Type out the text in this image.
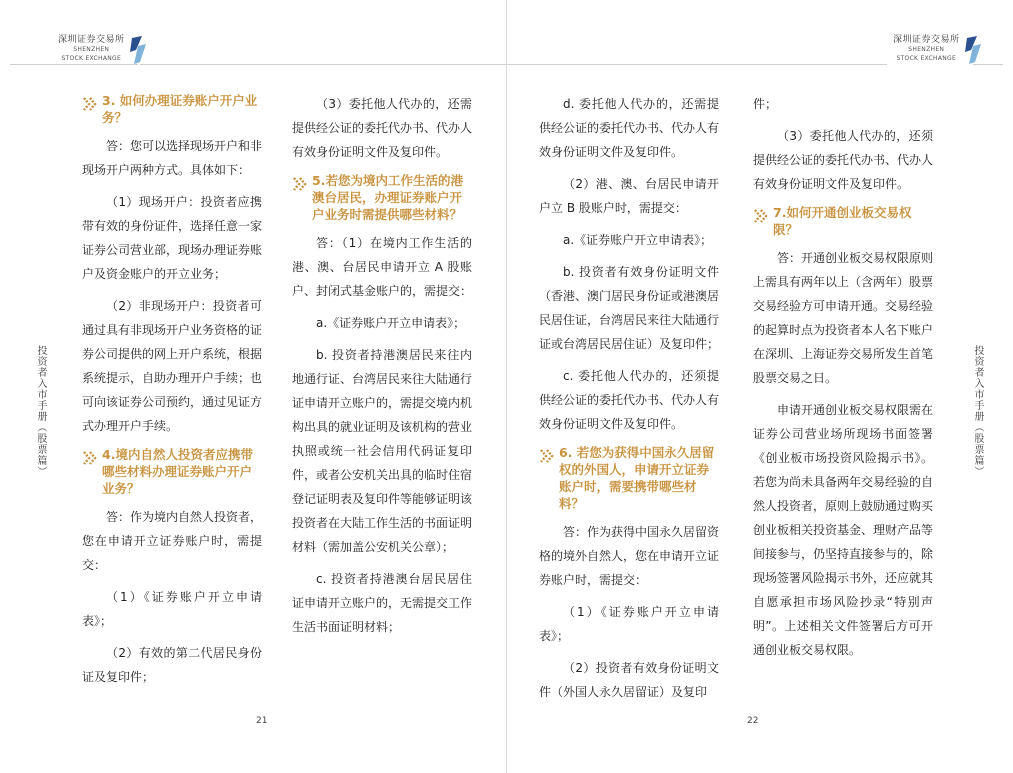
深圳证券交易所
SHENZHEN
STOCK EXCHANGE
投资者入市手册（股票篇）
3. 如何办理证券账户开户业务？

答：您可以选择现场开户和非现场开户两种方式。具体如下：

（1）现场开户：投资者应携带有效的身份证件，选择任意一家证券公司营业部，现场办理证券账户及资金账户的开立业务；

（2）非现场开户：投资者可通过具有非现场开户业务资格的证券公司提供的网上开户系统，根据系统提示，自助办理开户手续；也可向该证券公司预约，通过见证方式办理开户手续。

4.境内自然人投资者应携带哪些材料办理证券账户开户业务？

答：作为境内自然人投资者，您在申请开立证券账户时，需提交：

（1）《证券账户开立申请表》；

（2）有效的第二代居民身份证及复印件；

（3）委托他人代办的，还需提供经公证的委托代办书、代办人有效身份证明文件及复印件。

5.若您为境内工作生活的港澳台居民，办理证券账户开户业务时需提供哪些材料？

答：（1）在境内工作生活的港、澳、台居民申请开立 A 股账户、封闭式基金账户的，需提交：

a.《证券账户开立申请表》；

b. 投资者持港澳居民来往内地通行证、台湾居民来往大陆通行证申请开立账户的，需提交境内机构出具的就业证明及该机构的营业执照或统一社会信用代码证复印件，或者公安机关出具的临时住宿登记证明表及复印件等能够证明该投资者在大陆工作生活的书面证明材料（需加盖公安机关公章）；

c. 投资者持港澳台居民居住证申请开立账户的，无需提交工作生活书面证明材料；

21
深圳证券交易所
SHENZHEN
STOCK EXCHANGE

d. 委托他人代办的，还需提供经公证的委托代办书、代办人有效身份证明文件及复印件。

（2）港、澳、台居民申请开户立 B 股账户时，需提交：

a.《证券账户开立申请表》；

b. 投资者有效身份证明文件（香港、澳门居民身份证或港澳居民居住证，台湾居民来往大陆通行证或台湾居民居住证）及复印件；

c. 委托他人代办的，还须提供经公证的委托代办书、代办人有效身份证明文件及复印件。

6. 若您为获得中国永久居留权的外国人，申请开立证券账户时，需要携带哪些材料？

答：作为获得中国永久居留资格的境外自然人，您在申请开立证券账户时，需提交：

（1）《证券账户开立申请表》；

（2）投资者有效身份证明文件（外国人永久居留证）及复印

件；

（3）委托他人代办的，还须提供经公证的委托代办书、代办人有效身份证明文件及复印件。

7.如何开通创业板交易权限？

答：开通创业板交易权限原则上需具有两年以上（含两年）股票交易经验方可申请开通。交易经验的起算时点为投资者本人名下账户在深圳、上海证券交易所发生首笔股票交易之日。

申请开通创业板交易权限需在证券公司营业场所现场书面签署《创业板市场投资风险揭示书》。若您为尚未具备两年交易经验的自然人投资者，原则上鼓励通过购买创业板相关投资基金、理财产品等间接参与，仍坚持直接参与的，除现场签署风险揭示书外，还应就其自愿承担市场风险抄录“特别声明”。上述相关文件签署后方可开通创业板交易权限。

投资者入市手册（股票篇）
22
